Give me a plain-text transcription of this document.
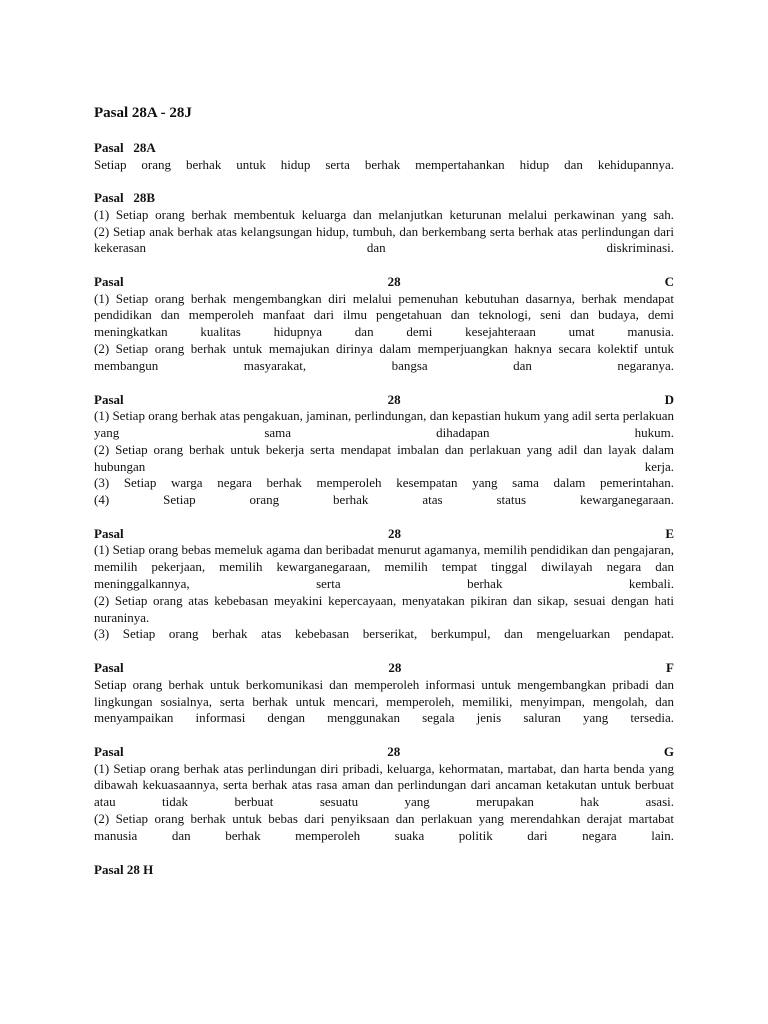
Pasal 28A - 28J
Pasal   28A

Setiap orang berhak untuk hidup serta berhak mempertahankan hidup dan kehidupannya.

Pasal   28B

(1) Setiap orang berhak membentuk keluarga dan melanjutkan keturunan melalui perkawinan yang sah.

(2) Setiap anak berhak atas kelangsungan hidup, tumbuh, dan berkembang serta berhak atas perlindungan dari kekerasan dan diskriminasi.

Pasal	28	C

(1) Setiap orang berhak mengembangkan diri melalui pemenuhan kebutuhan dasarnya, berhak mendapat pendidikan dan memperoleh manfaat dari ilmu pengetahuan dan teknologi, seni dan budaya, demi meningkatkan kualitas hidupnya dan demi kesejahteraan umat manusia.

(2) Setiap orang berhak untuk memajukan dirinya dalam memperjuangkan haknya secara kolektif untuk membangun masyarakat, bangsa dan negaranya.

Pasal	28	D

(1) Setiap orang berhak atas pengakuan, jaminan, perlindungan, dan kepastian hukum yang adil serta perlakuan yang sama dihadapan hukum.

(2) Setiap orang berhak untuk bekerja serta mendapat imbalan dan perlakuan yang adil dan layak dalam hubungan kerja.

(3) Setiap warga negara berhak memperoleh kesempatan yang sama dalam pemerintahan.

(4) Setiap orang berhak atas status kewarganegaraan.

Pasal	28	E

(1) Setiap orang bebas memeluk agama dan beribadat menurut agamanya, memilih pendidikan dan pengajaran, memilih pekerjaan, memilih kewarganegaraan, memilih tempat tinggal diwilayah negara dan meninggalkannya, serta berhak kembali.

(2) Setiap orang atas kebebasan meyakini kepercayaan, menyatakan pikiran dan sikap, sesuai dengan hati nuraninya.

(3) Setiap orang berhak atas kebebasan berserikat, berkumpul, dan mengeluarkan pendapat.

Pasal	28	F

Setiap orang berhak untuk berkomunikasi dan memperoleh informasi untuk mengembangkan pribadi dan lingkungan sosialnya, serta berhak untuk mencari, memperoleh, memiliki, menyimpan, mengolah, dan menyampaikan informasi dengan menggunakan segala jenis saluran yang tersedia.

Pasal	28	G

(1) Setiap orang berhak atas perlindungan diri pribadi, keluarga, kehormatan, martabat, dan harta benda yang dibawah kekuasaannya, serta berhak atas rasa aman dan perlindungan dari ancaman ketakutan untuk berbuat atau tidak berbuat sesuatu yang merupakan hak asasi.

(2) Setiap orang berhak untuk bebas dari penyiksaan dan perlakuan yang merendahkan derajat martabat manusia dan berhak memperoleh suaka politik dari negara lain.

Pasal 28 H
